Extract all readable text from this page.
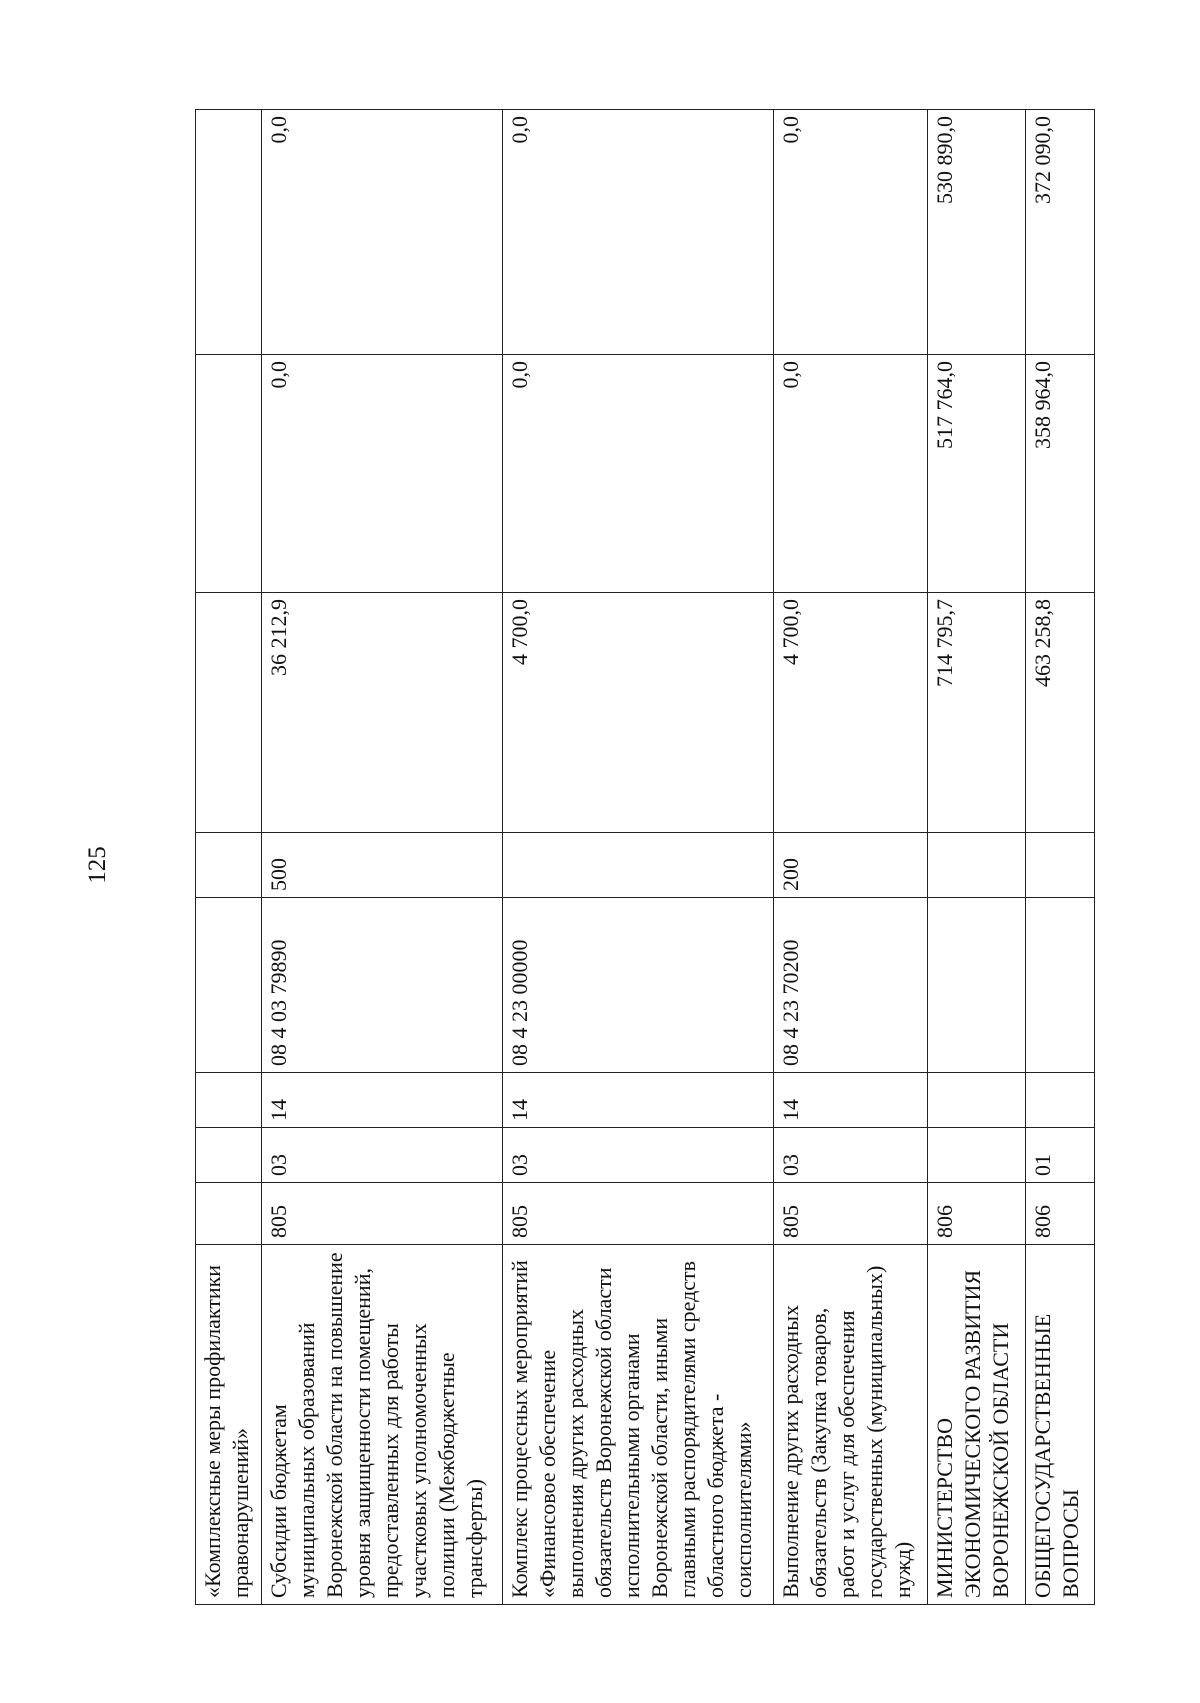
125
«Комплексные меры профилактики правонарушений»								
Субсидии бюджетам муниципальных образований Воронежской области на повышение уровня защищенности помещений, предоставленных для работы участковых уполномоченных полиции (Межбюджетные трансферты)	805	03	14	08 4 03 79890	500	36 212,9	0,0	0,0
Комплекс процессных мероприятий «Финансовое обеспечение выполнения других расходных обязательств Воронежской области исполнительными органами Воронежской области, иными главными распорядителями средств областного бюджета - соисполнителями»	805	03	14	08 4 23 00000		4 700,0	0,0	0,0
Выполнение других расходных обязательств (Закупка товаров, работ и услуг для обеспечения государственных (муниципальных) нужд)	805	03	14	08 4 23 70200	200	4 700,0	0,0	0,0
МИНИСТЕРСТВО ЭКОНОМИЧЕСКОГО РАЗВИТИЯ ВОРОНЕЖСКОЙ ОБЛАСТИ	806					714 795,7	517 764,0	530 890,0
ОБЩЕГОСУДАРСТВЕННЫЕ ВОПРОСЫ	806	01				463 258,8	358 964,0	372 090,0
